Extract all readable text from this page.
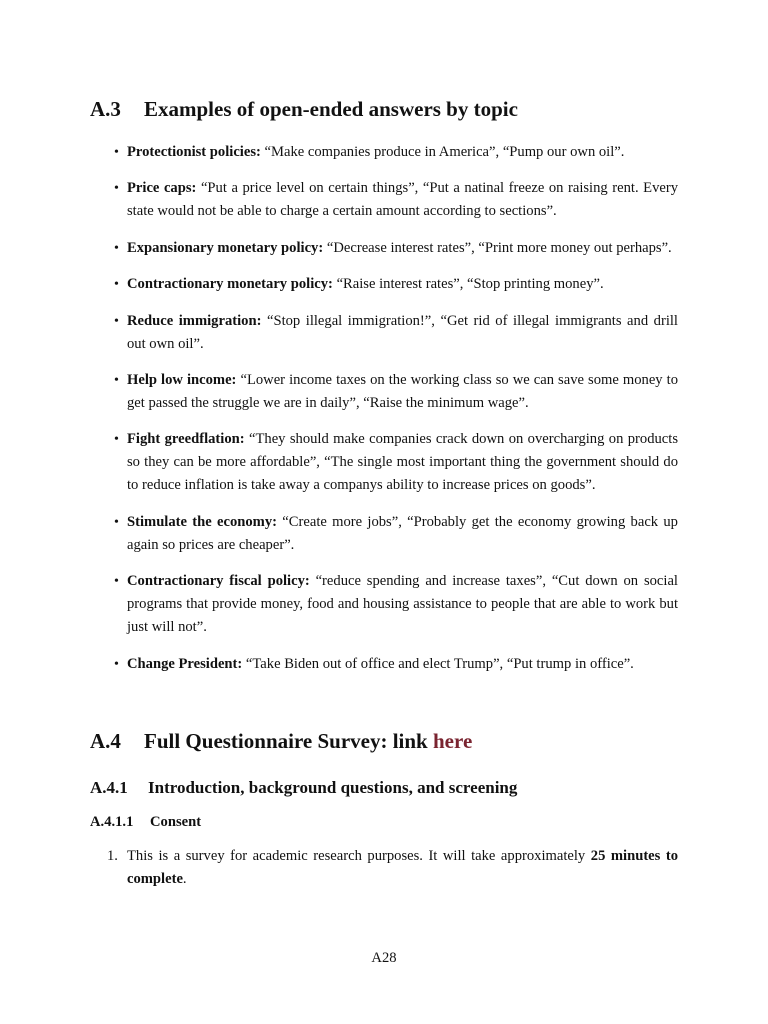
A.3 Examples of open-ended answers by topic
• Protectionist policies: “Make companies produce in America”, “Pump our own oil”.
• Price caps: “Put a price level on certain things”, “Put a natinal freeze on raising rent. Every state would not be able to charge a certain amount according to sections”.
• Expansionary monetary policy: “Decrease interest rates”, “Print more money out perhaps”.
• Contractionary monetary policy: “Raise interest rates”, “Stop printing money”.
• Reduce immigration: “Stop illegal immigration!”, “Get rid of illegal immigrants and drill out own oil”.
• Help low income: “Lower income taxes on the working class so we can save some money to get passed the struggle we are in daily”, “Raise the minimum wage”.
• Fight greedflation: “They should make companies crack down on overcharging on products so they can be more affordable”, “The single most important thing the government should do to reduce inflation is take away a companys ability to increase prices on goods”.
• Stimulate the economy: “Create more jobs”, “Probably get the economy growing back up again so prices are cheaper”.
• Contractionary fiscal policy: “reduce spending and increase taxes”, “Cut down on social programs that provide money, food and housing assistance to people that are able to work but just will not”.
• Change President: “Take Biden out of office and elect Trump”, “Put trump in office”.
A.4 Full Questionnaire Survey: link here
A.4.1 Introduction, background questions, and screening
A.4.1.1 Consent
1. This is a survey for academic research purposes. It will take approximately 25 minutes to complete.
A28
